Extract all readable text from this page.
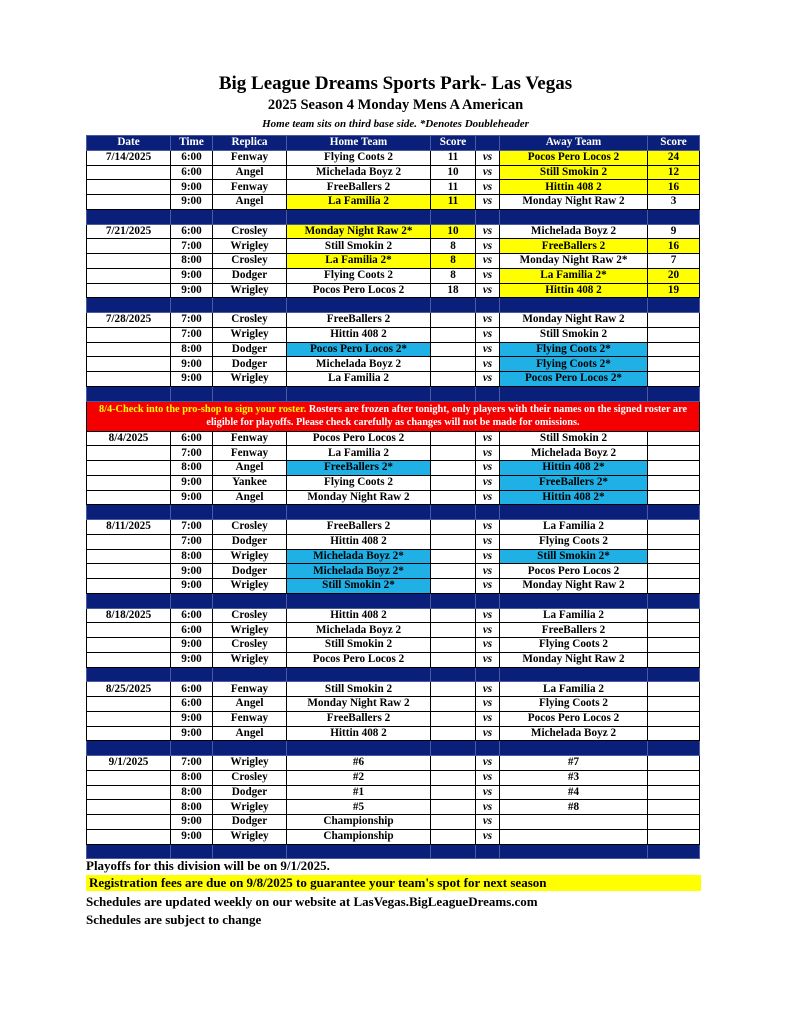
Big League Dreams Sports Park- Las Vegas
2025 Season 4 Monday Mens A American
Home team sits on third base side. *Denotes Doubleheader
Date	Time	Replica	Home Team	Score		Away Team	Score
7/14/2025	6:00	Fenway	Flying Coots 2	11	vs	Pocos Pero Locos 2	24
	6:00	Angel	Michelada Boyz 2	10	vs	Still Smokin 2	12
	9:00	Fenway	FreeBallers 2	11	vs	Hittin 408 2	16
	9:00	Angel	La Familia 2	11	vs	Monday Night Raw 2	3

7/21/2025	6:00	Crosley	Monday Night Raw 2*	10	vs	Michelada Boyz 2	9
	7:00	Wrigley	Still Smokin 2	8	vs	FreeBallers 2	16
	8:00	Crosley	La Familia 2*	8	vs	Monday Night Raw 2*	7
	9:00	Dodger	Flying Coots 2	8	vs	La Familia 2*	20
	9:00	Wrigley	Pocos Pero Locos 2	18	vs	Hittin 408 2	19

7/28/2025	7:00	Crosley	FreeBallers 2		vs	Monday Night Raw 2	
	7:00	Wrigley	Hittin 408 2		vs	Still Smokin 2	
	8:00	Dodger	Pocos Pero Locos 2*		vs	Flying Coots 2*	
	9:00	Dodger	Michelada Boyz 2		vs	Flying Coots 2*	
	9:00	Wrigley	La Familia 2		vs	Pocos Pero Locos 2*	

8/4-Check into the pro-shop to sign your roster. Rosters are frozen after tonight, only players with their names on the signed roster are eligible for playoffs. Please check carefully as changes will not be made for omissions.							
8/4/2025	6:00	Fenway	Pocos Pero Locos 2		vs	Still Smokin 2	
	7:00	Fenway	La Familia 2		vs	Michelada Boyz 2	
	8:00	Angel	FreeBallers 2*		vs	Hittin 408 2*	
	9:00	Yankee	Flying Coots 2		vs	FreeBallers 2*	
	9:00	Angel	Monday Night Raw 2		vs	Hittin 408 2*	

8/11/2025	7:00	Crosley	FreeBallers 2		vs	La Familia 2	
	7:00	Dodger	Hittin 408 2		vs	Flying Coots 2	
	8:00	Wrigley	Michelada Boyz 2*		vs	Still Smokin 2*	
	9:00	Dodger	Michelada Boyz 2*		vs	Pocos Pero Locos 2	
	9:00	Wrigley	Still Smokin 2*		vs	Monday Night Raw 2	

8/18/2025	6:00	Crosley	Hittin 408 2		vs	La Familia 2	
	6:00	Wrigley	Michelada Boyz 2		vs	FreeBallers 2	
	9:00	Crosley	Still Smokin 2		vs	Flying Coots 2	
	9:00	Wrigley	Pocos Pero Locos 2		vs	Monday Night Raw 2	

8/25/2025	6:00	Fenway	Still Smokin 2		vs	La Familia 2	
	6:00	Angel	Monday Night Raw 2		vs	Flying Coots 2	
	9:00	Fenway	FreeBallers 2		vs	Pocos Pero Locos 2	
	9:00	Angel	Hittin 408 2		vs	Michelada Boyz 2	

9/1/2025	7:00	Wrigley	#6		vs	#7	
	8:00	Crosley	#2		vs	#3	
	8:00	Dodger	#1		vs	#4	
	8:00	Wrigley	#5		vs	#8	
	9:00	Dodger	Championship		vs		
	9:00	Wrigley	Championship		vs		

Playoffs for this division will be on 9/1/2025.
Registration fees are due on 9/8/2025 to guarantee your team's spot for next season
Schedules are updated weekly on our website at LasVegas.BigLeagueDreams.com
Schedules are subject to change
